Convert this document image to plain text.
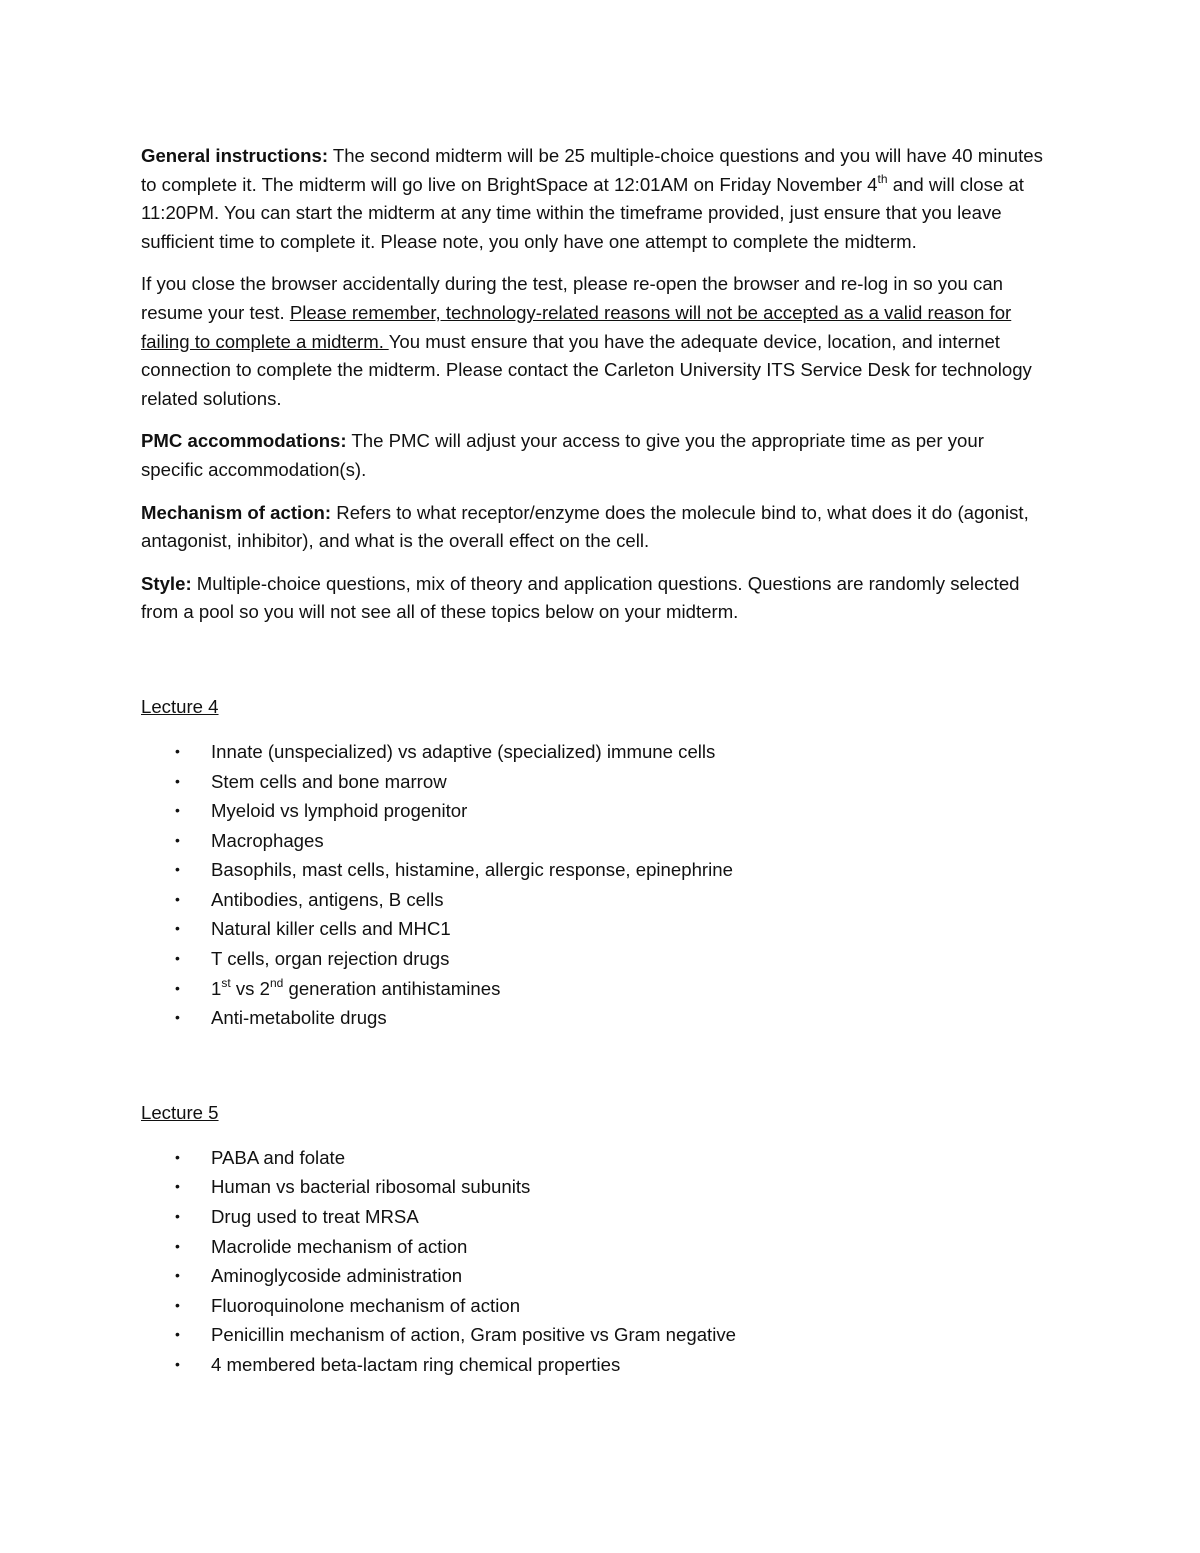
General instructions: The second midterm will be 25 multiple-choice questions and you will have 40 minutes to complete it. The midterm will go live on BrightSpace at 12:01AM on Friday November 4th and will close at 11:20PM. You can start the midterm at any time within the timeframe provided, just ensure that you leave sufficient time to complete it. Please note, you only have one attempt to complete the midterm.

If you close the browser accidentally during the test, please re-open the browser and re-log in so you can resume your test. Please remember, technology-related reasons will not be accepted as a valid reason for failing to complete a midterm. You must ensure that you have the adequate device, location, and internet connection to complete the midterm. Please contact the Carleton University ITS Service Desk for technology related solutions.

PMC accommodations: The PMC will adjust your access to give you the appropriate time as per your specific accommodation(s).

Mechanism of action: Refers to what receptor/enzyme does the molecule bind to, what does it do (agonist, antagonist, inhibitor), and what is the overall effect on the cell.

Style: Multiple-choice questions, mix of theory and application questions. Questions are randomly selected from a pool so you will not see all of these topics below on your midterm.

Lecture 4
• Innate (unspecialized) vs adaptive (specialized) immune cells
• Stem cells and bone marrow
• Myeloid vs lymphoid progenitor
• Macrophages
• Basophils, mast cells, histamine, allergic response, epinephrine
• Antibodies, antigens, B cells
• Natural killer cells and MHC1
• T cells, organ rejection drugs
• 1st vs 2nd generation antihistamines
• Anti-metabolite drugs
Lecture 5
• PABA and folate
• Human vs bacterial ribosomal subunits
• Drug used to treat MRSA
• Macrolide mechanism of action
• Aminoglycoside administration
• Fluoroquinolone mechanism of action
• Penicillin mechanism of action, Gram positive vs Gram negative
• 4 membered beta-lactam ring chemical properties
